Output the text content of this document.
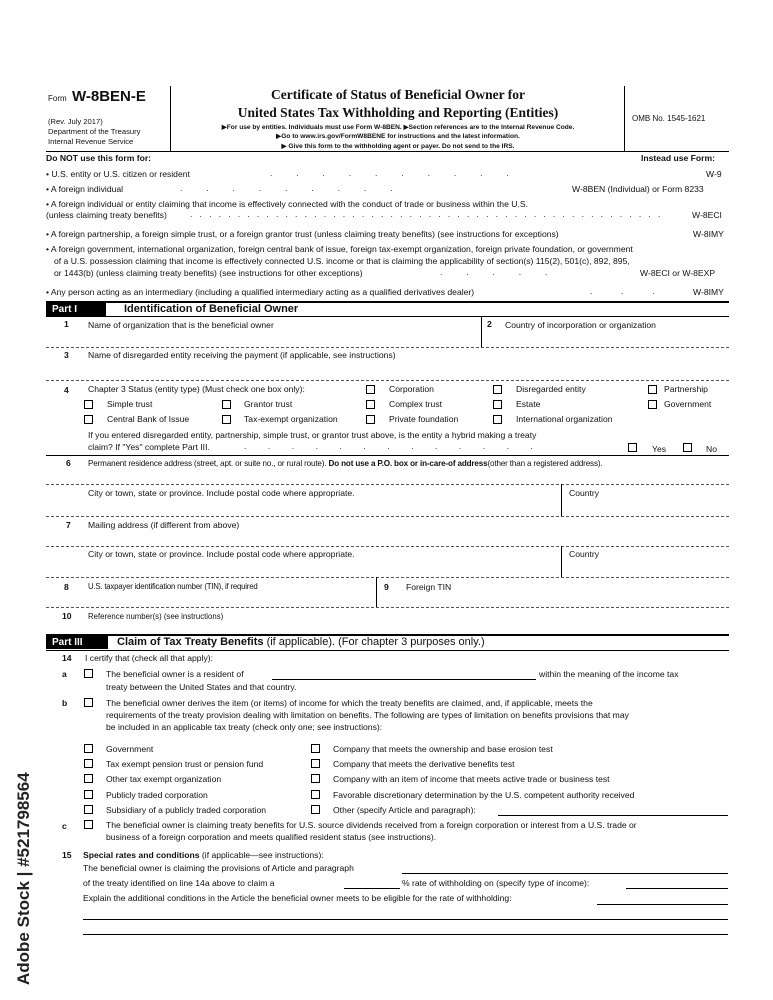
Form W-8BEN-E
(Rev. July 2017)
Department of the Treasury
Internal Revenue Service
Certificate of Status of Beneficial Owner for
United States Tax Withholding and Reporting (Entities)
▶For use by entities. Individuals must use Form W-8BEN. ▶Section references are to the Internal Revenue Code.
▶Go to www.irs.gov/FormW8BENE for instructions and the latest information.
▶ Give this form to the withholding agent or payer. Do not send to the IRS.
OMB No. 1545-1621
Do NOT use this form for:	Instead use Form:
• U.S. entity or U.S. citizen or resident	.          .          .          .          .          .          .          .          .          .	W-9
• A foreign individual	.          .          .          .          .          .          .          .          .	W-8BEN (Individual) or Form 8233
• A foreign individual or entity claiming that income is effectively connected with the conduct of trade or business within the U.S.
(unless claiming treaty benefits)	.   .   .   .   .   .   .   .   .   .   .   .   .   .   .   .   .   .   .   .   .   .   .   .   .   .   .   .   .   .   .   .   .   .   .   .   .   .   .   .   .   .   .   .   .   .   .   .   .   .	W-8ECI
• A foreign partnership, a foreign simple trust, or a foreign grantor trust (unless claiming treaty benefits) (see instructions for exceptions)	W-8IMY
• A foreign government, international organization, foreign central bank of issue, foreign tax-exempt organization, foreign private foundation, or government
of a U.S. possession claiming that income is effectively connected U.S. income or that is claiming the applicability of section(s) 115(2), 501(c), 892, 895,
or 1443(b) (unless claiming treaty benefits) (see instructions for other exceptions)	.          .          .          .          .	W-8ECI or W-8EXP
• Any person acting as an intermediary (including a qualified intermediary acting as a qualified derivatives dealer)	.            .            .	W-8IMY
Part I	Identification of Beneficial Owner
1 Name of organization that is the beneficial owner	2 Country of incorporation or organization
3 Name of disregarded entity receiving the payment (if applicable, see instructions)
4 Chapter 3 Status (entity type) (Must check one box only):	Corporation	Disregarded entity	Partnership
Simple trust	Grantor trust	Complex trust	Estate	Government
Central Bank of Issue	Tax-exempt organization	Private foundation	International organization
If you entered disregarded entity, partnership, simple trust, or grantor trust above, is the entity a hybrid making a treaty
claim? If "Yes" complete Part III.	.         .         .         .         .         .         .         .         .         .         .         .         .	Yes	No
6 Permanent residence address (street, apt. or suite no., or rural route). Do not use a P.O. box or in-care-of address(other than a registered address).
City or town, state or province. Include postal code where appropriate.	Country
7 Mailing address (if different from above)
City or town, state or province. Include postal code where appropriate.	Country
8 U.S. taxpayer identification number (TIN), if required	9 Foreign TIN
10 Reference number(s) (see instructions)
Part III	Claim of Tax Treaty Benefits (if applicable). (For chapter 3 purposes only.)
14 I certify that (check all that apply):
a	The beneficial owner is a resident of	within the meaning of the income tax
treaty between the United States and that country.
b	The beneficial owner derives the item (or items) of income for which the treaty benefits are claimed, and, if applicable, meets the
requirements of the treaty provision dealing with limitation on benefits. The following are types of limitation on benefits provisions that may
be included in an applicable tax treaty (check only one; see instructions):
Government
Tax exempt pension trust or pension fund
Other tax exempt organization
Publicly traded corporation
Subsidiary of a publicly traded corporation
Company that meets the ownership and base erosion test
Company that meets the derivative benefits test
Company with an item of income that meets active trade or business test
Favorable discretionary determination by the U.S. competent authority received
Other (specify Article and paragraph):
c	The beneficial owner is claiming treaty benefits for U.S. source dividends received from a foreign corporation or interest from a U.S. trade or
business of a foreign corporation and meets qualified resident status (see instructions).
15 Special rates and conditions (if applicable—see instructions):
The beneficial owner is claiming the provisions of Article and paragraph
of the treaty identified on line 14a above to claim a	% rate of withholding on (specify type of income):
Explain the additional conditions in the Article the beneficial owner meets to be eligible for the rate of withholding:
Adobe Stock | #521798564
